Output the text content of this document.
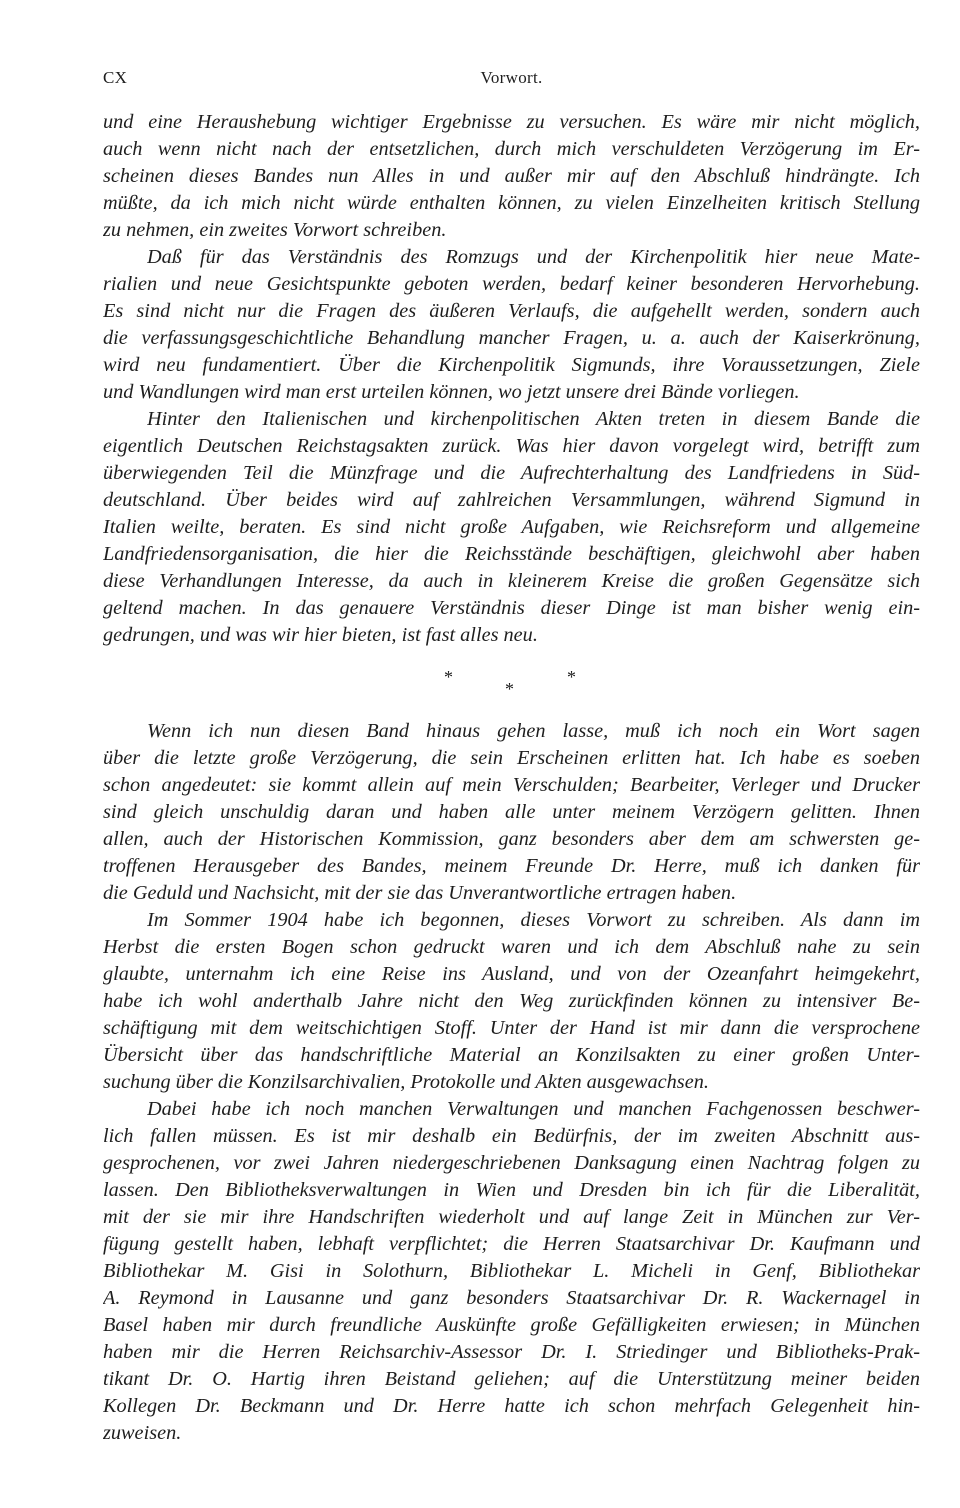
CX	Vorwort.
und eine Heraushebung wichtiger Ergebnisse zu versuchen. Es wäre mir nicht möglich,
auch wenn nicht nach der entsetzlichen, durch mich verschuldeten Verzögerung im Er-
scheinen dieses Bandes nun Alles in und außer mir auf den Abschluß hindrängte. Ich
müßte, da ich mich nicht würde enthalten können, zu vielen Einzelheiten kritisch Stellung
zu nehmen, ein zweites Vorwort schreiben.
Daß für das Verständnis des Romzugs und der Kirchenpolitik hier neue Mate-
rialien und neue Gesichtspunkte geboten werden, bedarf keiner besonderen Hervorhebung.
Es sind nicht nur die Fragen des äußeren Verlaufs, die aufgehellt werden, sondern auch
die verfassungsgeschichtliche Behandlung mancher Fragen, u. a. auch der Kaiserkrönung,
wird neu fundamentiert. Über die Kirchenpolitik Sigmunds, ihre Voraussetzungen, Ziele
und Wandlungen wird man erst urteilen können, wo jetzt unsere drei Bände vorliegen.
Hinter den Italienischen und kirchenpolitischen Akten treten in diesem Bande die
eigentlich Deutschen Reichstagsakten zurück. Was hier davon vorgelegt wird, betrifft zum
überwiegenden Teil die Münzfrage und die Aufrechterhaltung des Landfriedens in Süd-
deutschland. Über beides wird auf zahlreichen Versammlungen, während Sigmund in
Italien weilte, beraten. Es sind nicht große Aufgaben, wie Reichsreform und allgemeine
Landfriedensorganisation, die hier die Reichsstände beschäftigen, gleichwohl aber haben
diese Verhandlungen Interesse, da auch in kleinerem Kreise die großen Gegensätze sich
geltend machen. In das genauere Verständnis dieser Dinge ist man bisher wenig ein-
gedrungen, und was wir hier bieten, ist fast alles neu.
*	*
*
Wenn ich nun diesen Band hinaus gehen lasse, muß ich noch ein Wort sagen
über die letzte große Verzögerung, die sein Erscheinen erlitten hat. Ich habe es soeben
schon angedeutet: sie kommt allein auf mein Verschulden; Bearbeiter, Verleger und Drucker
sind gleich unschuldig daran und haben alle unter meinem Verzögern gelitten. Ihnen
allen, auch der Historischen Kommission, ganz besonders aber dem am schwersten ge-
troffenen Herausgeber des Bandes, meinem Freunde Dr. Herre, muß ich danken für
die Geduld und Nachsicht, mit der sie das Unverantwortliche ertragen haben.
Im Sommer 1904 habe ich begonnen, dieses Vorwort zu schreiben. Als dann im
Herbst die ersten Bogen schon gedruckt waren und ich dem Abschluß nahe zu sein
glaubte, unternahm ich eine Reise ins Ausland, und von der Ozeanfahrt heimgekehrt,
habe ich wohl anderthalb Jahre nicht den Weg zurückfinden können zu intensiver Be-
schäftigung mit dem weitschichtigen Stoff. Unter der Hand ist mir dann die versprochene
Übersicht über das handschriftliche Material an Konzilsakten zu einer großen Unter-
suchung über die Konzilsarchivalien, Protokolle und Akten ausgewachsen.
Dabei habe ich noch manchen Verwaltungen und manchen Fachgenossen beschwer-
lich fallen müssen. Es ist mir deshalb ein Bedürfnis, der im zweiten Abschnitt aus-
gesprochenen, vor zwei Jahren niedergeschriebenen Danksagung einen Nachtrag folgen zu
lassen. Den Bibliotheksverwaltungen in Wien und Dresden bin ich für die Liberalität,
mit der sie mir ihre Handschriften wiederholt und auf lange Zeit in München zur Ver-
fügung gestellt haben, lebhaft verpflichtet; die Herren Staatsarchivar Dr. Kaufmann und
Bibliothekar M. Gisi in Solothurn, Bibliothekar L. Micheli in Genf, Bibliothekar
A. Reymond in Lausanne und ganz besonders Staatsarchivar Dr. R. Wackernagel in
Basel haben mir durch freundliche Auskünfte große Gefälligkeiten erwiesen; in München
haben mir die Herren Reichsarchiv-Assessor Dr. I. Striedinger und Bibliotheks-Prak-
tikant Dr. O. Hartig ihren Beistand geliehen; auf die Unterstützung meiner beiden
Kollegen Dr. Beckmann und Dr. Herre hatte ich schon mehrfach Gelegenheit hin-
zuweisen.
